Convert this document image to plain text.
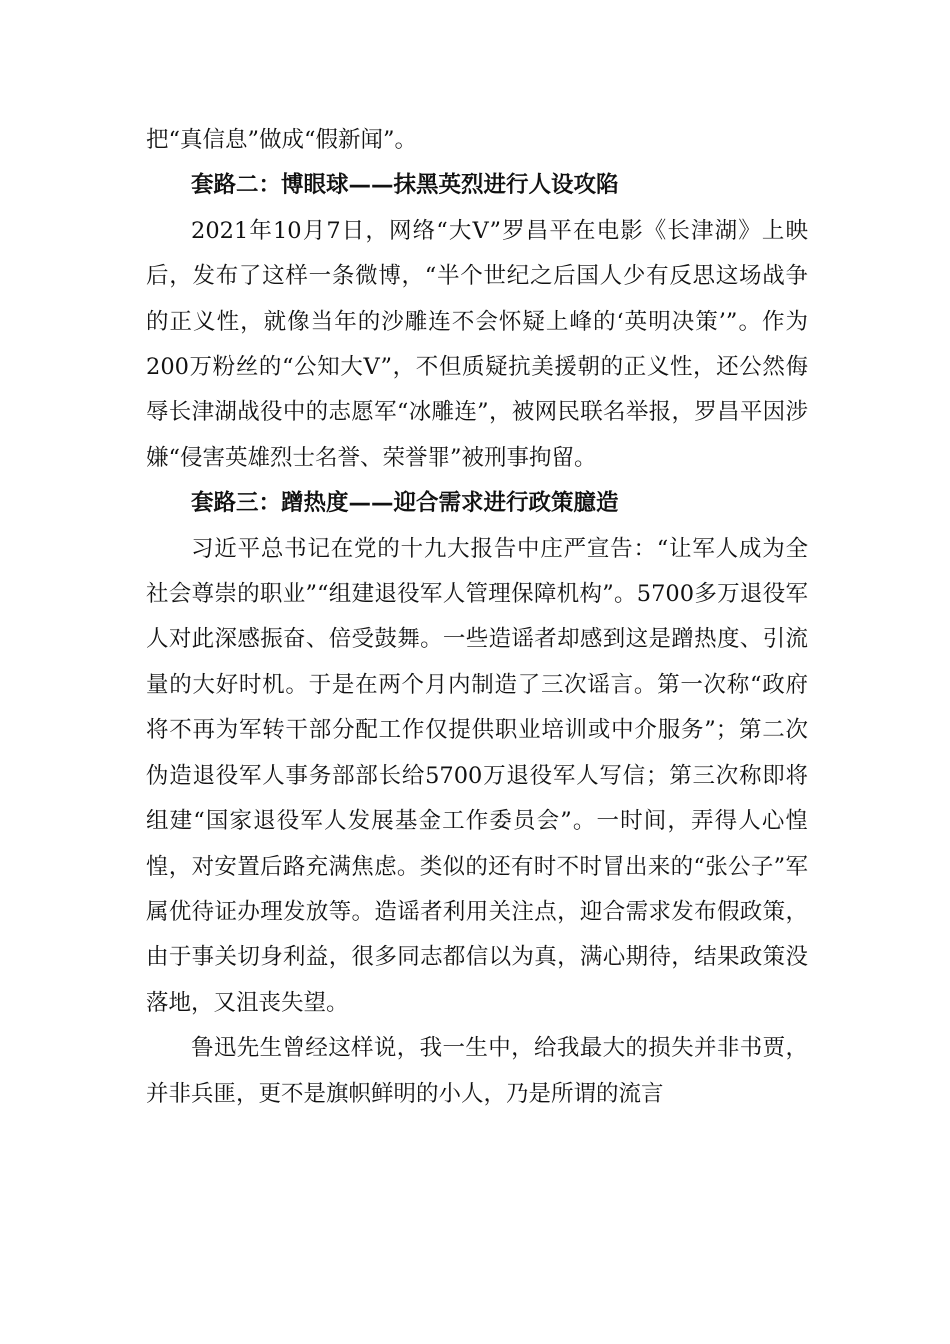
把“真信息”做成“假新闻”。

套路二：博眼球——抹黑英烈进行人设攻陷

2021年10月7日，网络“大V”罗昌平在电影《长津湖》上映后，发布了这样一条微博，“半个世纪之后国人少有反思这场战争的正义性，就像当年的沙雕连不会怀疑上峰的‘英明决策’”。作为200万粉丝的“公知大V”，不但质疑抗美援朝的正义性，还公然侮辱长津湖战役中的志愿军“冰雕连”，被网民联名举报，罗昌平因涉嫌“侵害英雄烈士名誉、荣誉罪”被刑事拘留。

套路三：蹭热度——迎合需求进行政策臆造

习近平总书记在党的十九大报告中庄严宣告：“让军人成为全社会尊崇的职业”“组建退役军人管理保障机构”。5700多万退役军人对此深感振奋、倍受鼓舞。一些造谣者却感到这是蹭热度、引流量的大好时机。于是在两个月内制造了三次谣言。第一次称“政府将不再为军转干部分配工作仅提供职业培训或中介服务”；第二次伪造退役军人事务部部长给5700万退役军人写信；第三次称即将组建“国家退役军人发展基金工作委员会”。一时间，弄得人心惶惶，对安置后路充满焦虑。类似的还有时不时冒出来的“张公子”军属优待证办理发放等。造谣者利用关注点，迎合需求发布假政策，由于事关切身利益，很多同志都信以为真，满心期待，结果政策没落地，又沮丧失望。

鲁迅先生曾经这样说，我一生中，给我最大的损失并非书贾，并非兵匪，更不是旗帜鲜明的小人，乃是所谓的流言
